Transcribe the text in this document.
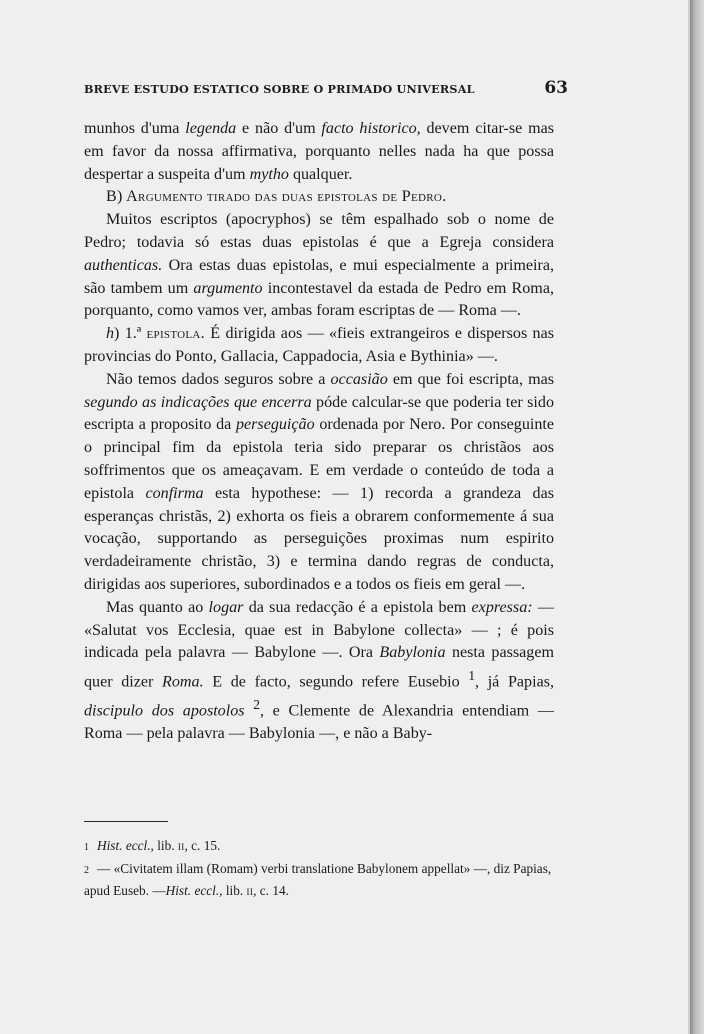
BREVE ESTUDO ESTATICO SOBRE O PRIMADO UNIVERSAL	63

munhos d'uma legenda e não d'um facto historico, devem citar-se mas em favor da nossa affirmativa, porquanto nelles nada ha que possa despertar a suspeita d'um mytho qualquer.

B) Argumento tirado das duas epistolas de Pedro.

Muitos escriptos (apocryphos) se têm espalhado sob o nome de Pedro; todavia só estas duas epistolas é que a Egreja considera authenticas. Ora estas duas epistolas, e mui especialmente a primeira, são tambem um argumento incontestavel da estada de Pedro em Roma, porquanto, como vamos ver, ambas foram escriptas de — Roma —.

h) 1.ª epistola. É dirigida aos — «fieis extrangeiros e dispersos nas provincias do Ponto, Gallacia, Cappadocia, Asia e Bythinia» —.

Não temos dados seguros sobre a occasião em que foi escripta, mas segundo as indicações que encerra póde calcular-se que poderia ter sido escripta a proposito da perseguição ordenada por Nero. Por conseguinte o principal fim da epistola teria sido preparar os christãos aos soffrimentos que os ameaçavam. E em verdade o conteúdo de toda a epistola confirma esta hypothese: — 1) recorda a grandeza das esperanças christãs, 2) exhorta os fieis a obrarem conformemente á sua vocação, supportando as perseguições proximas num espirito verdadeiramente christão, 3) e termina dando regras de conducta, dirigidas aos superiores, subordinados e a todos os fieis em geral —.

Mas quanto ao logar da sua redacção é a epistola bem expressa: — «Salutat vos Ecclesia, quae est in Babylone collecta» — ; é pois indicada pela palavra — Babylone —. Ora Babylonia nesta passagem quer dizer Roma. E de facto, segundo refere Eusebio $^1$, já Papias, discipulo dos apostolos $^2$, e Clemente de Alexandria entendiam — Roma — pela palavra — Babylonia —, e não a Baby-

1 Hist. eccl., lib. ii, c. 15.

2 — «Civitatem illam (Romam) verbi translatione Babylonem appellat» —, diz Papias, apud Euseb. —Hist. eccl., lib. ii, c. 14.
